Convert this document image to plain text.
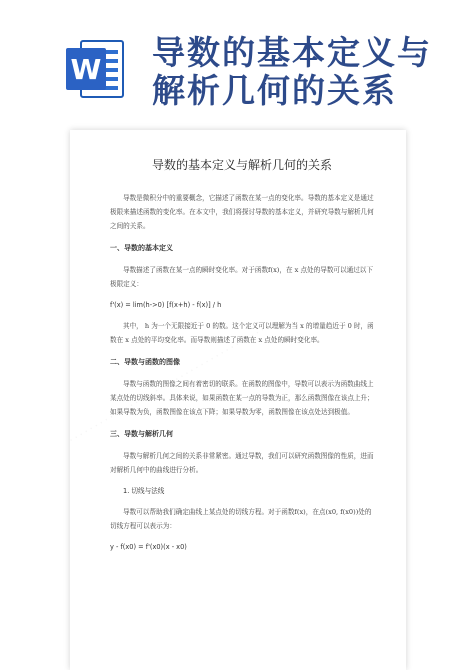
W 导数的基本定义与解析几何的关系
导数的基本定义与解析几何的关系
导数是微积分中的重要概念，它描述了函数在某一点的变化率。导数的基本定义是通过极限来描述函数的变化率。在本文中，我们将探讨导数的基本定义，并研究导数与解析几何之间的关系。
一、导数的基本定义
导数描述了函数在某一点的瞬时变化率。对于函数f(x)，在 x 点处的导数可以通过以下极限定义：
f'(x) = lim(h->0) [f(x+h) - f(x)] / h
其中， h 为一个无限接近于 0 的数。这个定义可以理解为当 x 的增量趋近于 0 时，函数在 x 点处的平均变化率。而导数则描述了函数在 x 点处的瞬时变化率。
二、导数与函数的图像
导数与函数的图像之间有着密切的联系。在函数的图像中，导数可以表示为函数曲线上某点处的切线斜率。具体来说，如果函数在某一点的导数为正，那么函数图像在该点上升；如果导数为负，函数图像在该点下降；如果导数为零，函数图像在该点处达到极值。
三、导数与解析几何
导数与解析几何之间的关系非常紧密。通过导数，我们可以研究函数图像的性质，进而对解析几何中的曲线进行分析。
1. 切线与法线
导数可以帮助我们确定曲线上某点处的切线方程。对于函数f(x)，在点(x0, f(x0))处的切线方程可以表示为：
y - f(x0) = f'(x0)(x - x0)
